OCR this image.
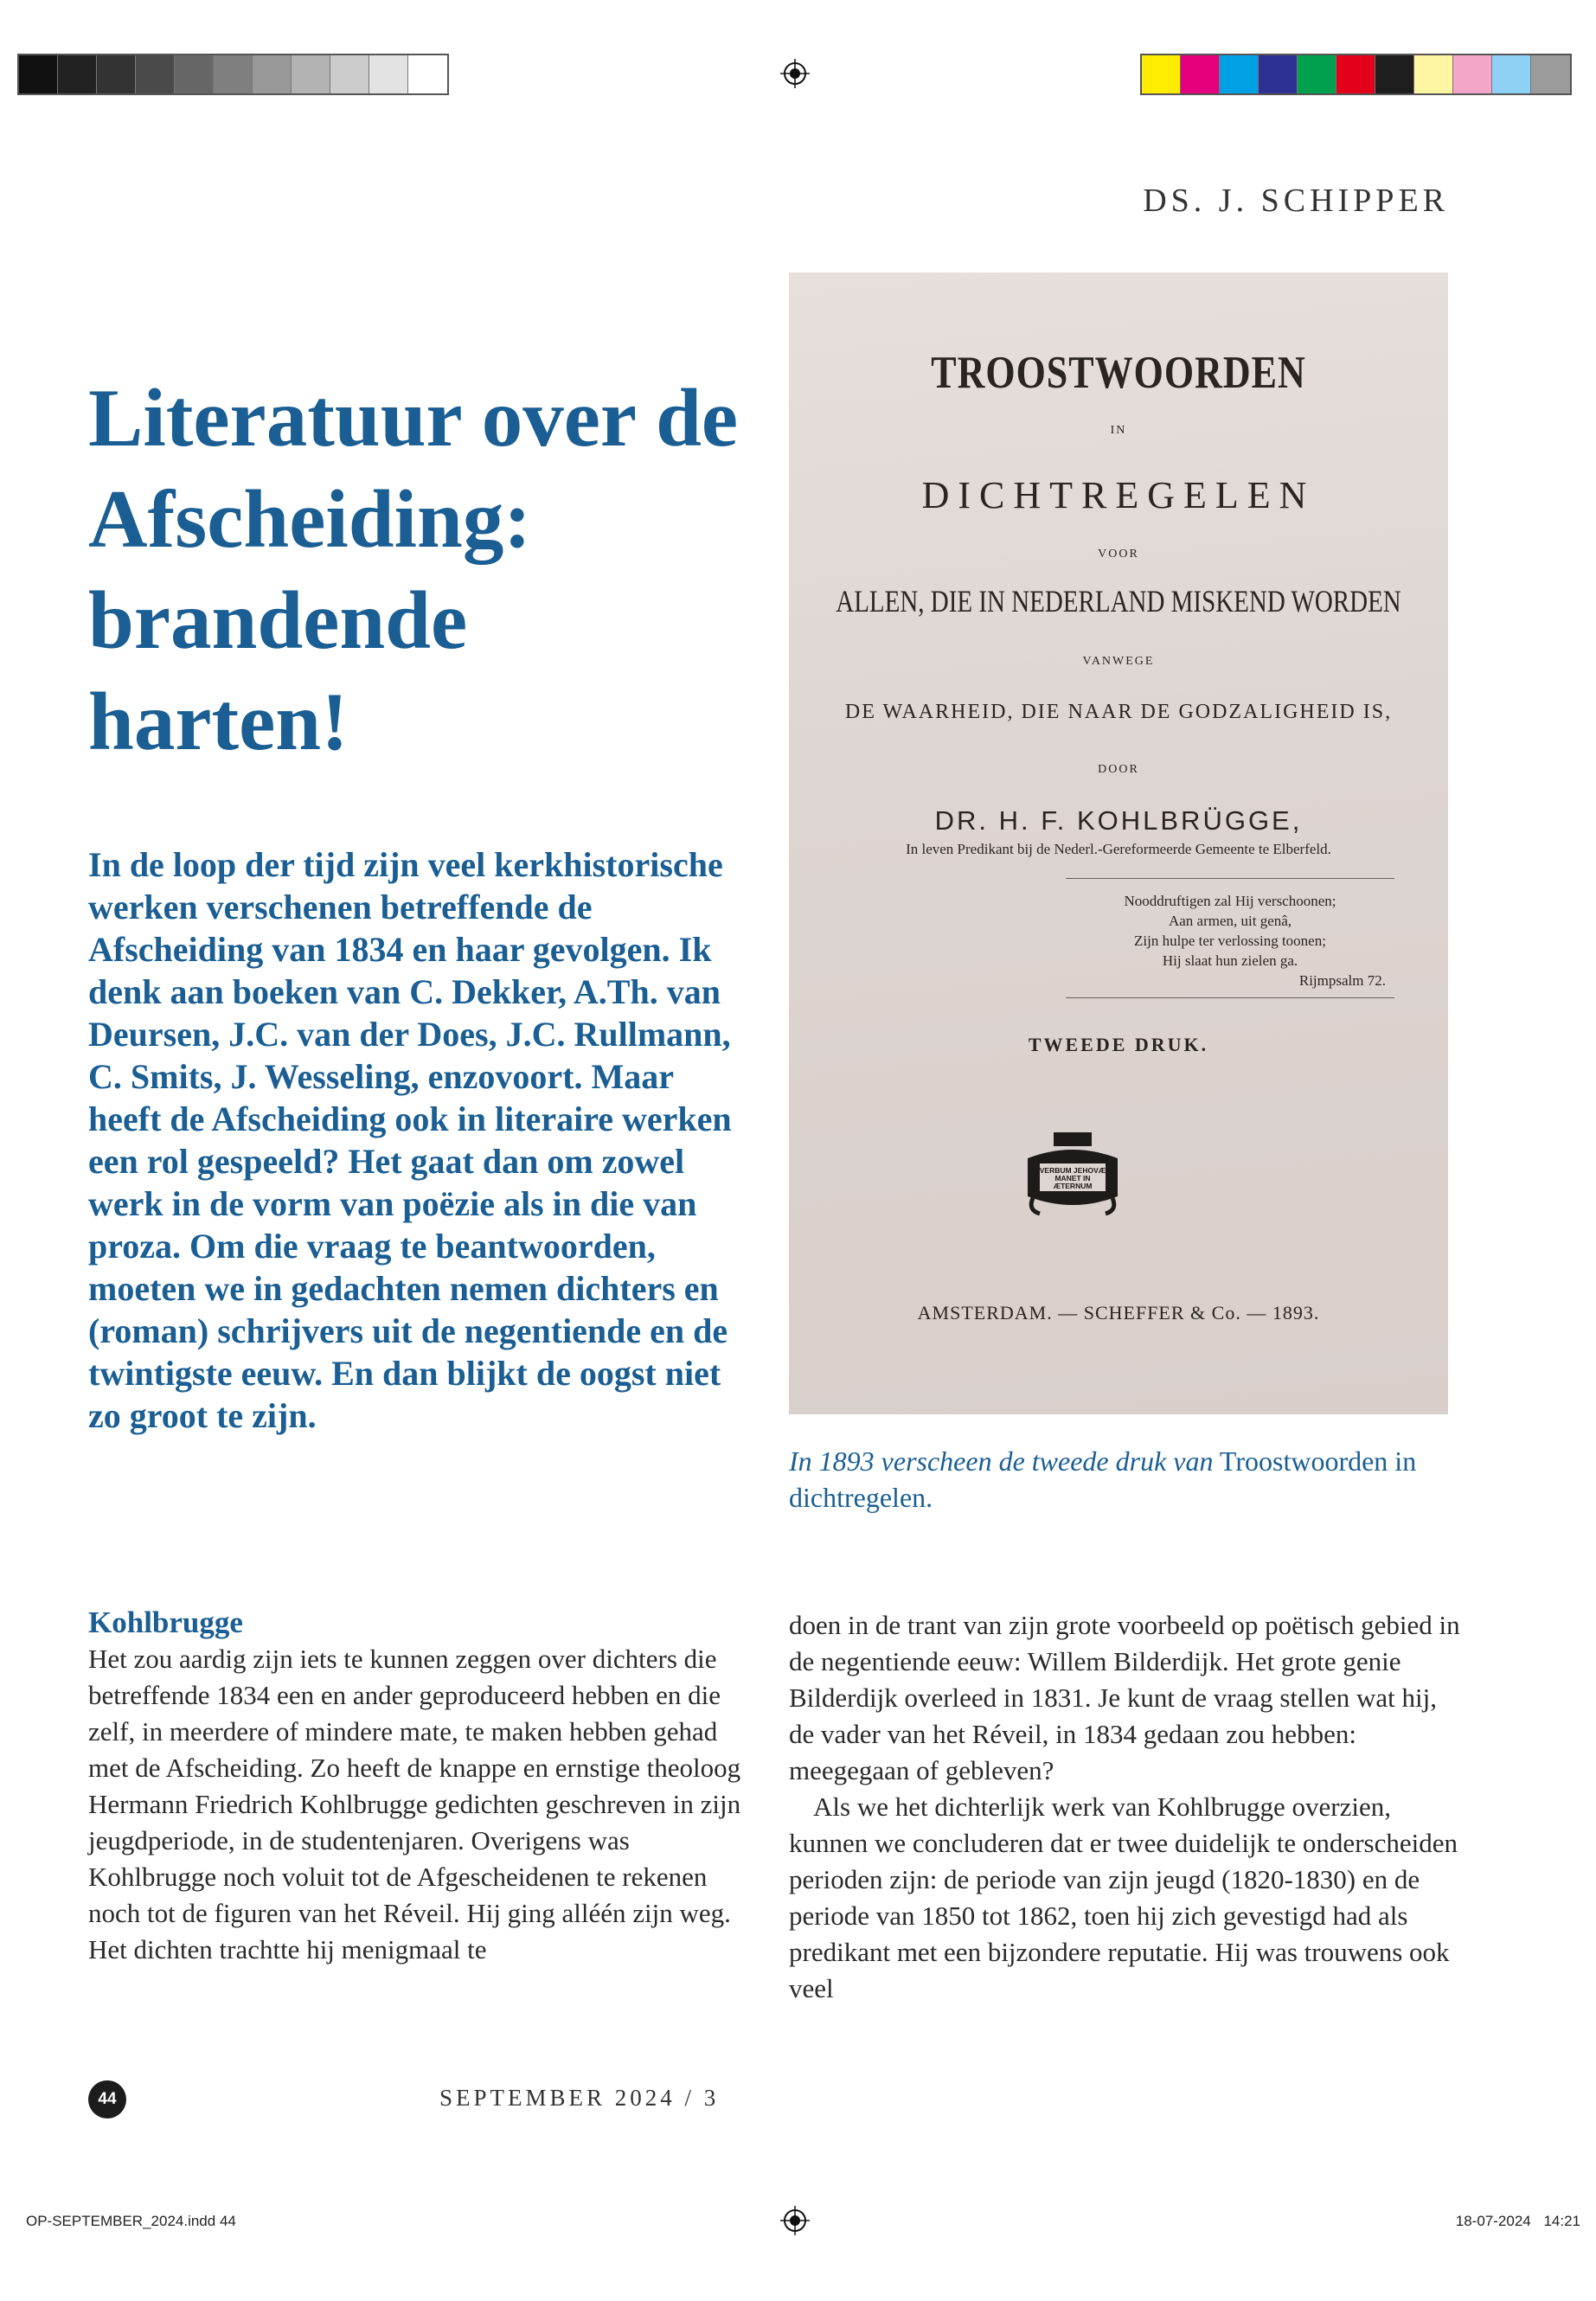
DS. J. SCHIPPER
Literatuur over de Afscheiding: brandende harten!

In de loop der tijd zijn veel kerkhistorische werken verschenen betreffende de Afscheiding van 1834 en haar gevolgen. Ik denk aan boeken van C. Dekker, A.Th. van Deursen, J.C. van der Does, J.C. Rullmann, C. Smits, J. Wesseling, enzovoort. Maar heeft de Afscheiding ook in literaire werken een rol gespeeld? Het gaat dan om zowel werk in de vorm van poëzie als in die van proza. Om die vraag te beantwoorden, moeten we in gedachten nemen dichters en (roman) schrijvers uit de negentiende en de twintigste eeuw. En dan blijkt de oogst niet zo groot te zijn.

TROOSTWOORDEN
IN
DICHTREGELEN
VOOR
ALLEN, DIE IN NEDERLAND MISKEND WORDEN
VANWEGE
DE WAARHEID, DIE NAAR DE GODZALIGHEID IS,
DOOR
DR. H. F. KOHLBRÜGGE,
In leven Predikant bij de Nederl.-Gereformeerde Gemeente te Elberfeld.
Nooddruftigen zal Hij verschoonen;
Aan armen, uit genâ,
Zijn hulpe ter verlossing toonen;
Hij slaat hun zielen ga.
Rijmpsalm 72.
TWEEDE DRUK.
VERBUM JEHOVÆ
MANET IN
ÆTERNUM
AMSTERDAM. — SCHEFFER & Co. — 1893.

In 1893 verscheen de tweede druk van Troostwoorden in dichtregelen.

Kohlbrugge

Het zou aardig zijn iets te kunnen zeggen over dichters die betreffende 1834 een en ander geproduceerd hebben en die zelf, in meerdere of mindere mate, te maken hebben gehad met de Afscheiding. Zo heeft de knappe en ernstige theoloog Hermann Friedrich Kohlbrugge gedichten geschreven in zijn jeugdperiode, in de studentenjaren. Overigens was Kohlbrugge noch voluit tot de Afgescheidenen te rekenen noch tot de figuren van het Réveil. Hij ging alléén zijn weg. Het dichten trachtte hij menigmaal te

doen in de trant van zijn grote voorbeeld op poëtisch gebied in de negentiende eeuw: Willem Bilderdijk. Het grote genie Bilderdijk overleed in 1831. Je kunt de vraag stellen wat hij, de vader van het Réveil, in 1834 gedaan zou hebben: meegegaan of gebleven?

Als we het dichterlijk werk van Kohlbrugge overzien, kunnen we concluderen dat er twee duidelijk te onderscheiden perioden zijn: de periode van zijn jeugd (1820-1830) en de periode van 1850 tot 1862, toen hij zich gevestigd had als predikant met een bijzondere reputatie. Hij was trouwens ook veel

44	SEPTEMBER 2024 / 3
OP-SEPTEMBER_2024.indd 44	18-07-2024 14:21
